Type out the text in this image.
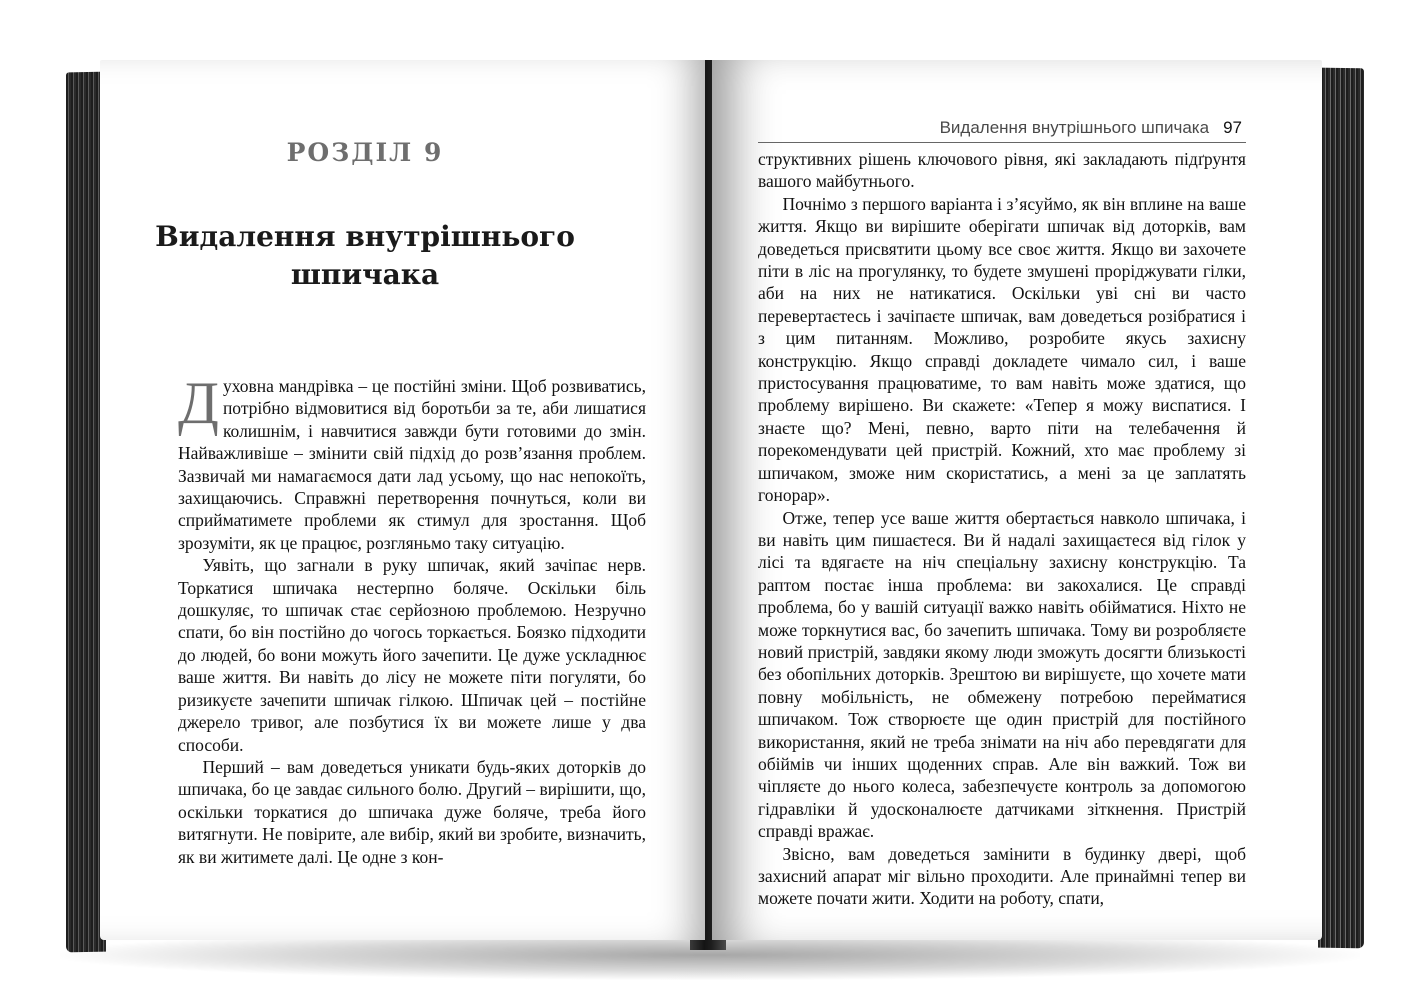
РОЗДІЛ 9
Видалення внутрішнього шпичака

Духовна мандрівка – це постійні зміни. Щоб розвиватись, потрібно відмовитися від боротьби за те, аби лишатися колишнім, і навчитися завжди бути готовими до змін. Найважливіше – змінити свій підхід до розв’язання проблем. Зазвичай ми намагаємося дати лад усьому, що нас непокоїть, захищаючись. Справжні перетворення почнуться, коли ви сприйматимете проблеми як стимул для зростання. Щоб зрозуміти, як це працює, розгляньмо таку ситуацію.

Уявіть, що загнали в руку шпичак, який зачіпає нерв. Торкатися шпичака нестерпно боляче. Оскільки біль дошкуляє, то шпичак стає серйозною проблемою. Незручно спати, бо він постійно до чогось торкається. Боязко підходити до людей, бо вони можуть його зачепити. Це дуже ускладнює ваше життя. Ви навіть до лісу не можете піти погуляти, бо ризикуєте зачепити шпичак гілкою. Шпичак цей – постійне джерело тривог, але позбутися їх ви можете лише у два способи.

Перший – вам доведеться уникати будь-яких доторків до шпичака, бо це завдає сильного болю. Другий – вирішити, що, оскільки торкатися до шпичака дуже боляче, треба його витягнути. Не повірите, але вибір, який ви зробите, визначить, як ви житимете далі. Це одне з кон-

Видалення внутрішнього шпичака 97

структивних рішень ключового рівня, які закладають підґрунтя вашого майбутнього.

Почнімо з першого варіанта і з’ясуймо, як він вплине на ваше життя. Якщо ви вирішите оберігати шпичак від доторків, вам доведеться присвятити цьому все своє життя. Якщо ви захочете піти в ліс на прогулянку, то будете змушені проріджувати гілки, аби на них не натикатися. Оскільки уві сні ви часто перевертаєтесь і зачіпаєте шпичак, вам доведеться розібратися і з цим питанням. Можливо, розробите якусь захисну конструкцію. Якщо справді докладете чимало сил, і ваше пристосування працюватиме, то вам навіть може здатися, що проблему вирішено. Ви скажете: «Тепер я можу виспатися. І знаєте що? Мені, певно, варто піти на телебачення й порекомендувати цей пристрій. Кожний, хто має проблему зі шпичаком, зможе ним скористатись, а мені за це заплатять гонорар».

Отже, тепер усе ваше життя обертається навколо шпичака, і ви навіть цим пишаєтеся. Ви й надалі захищаєтеся від гілок у лісі та вдягаєте на ніч спеціальну захисну конструкцію. Та раптом постає інша проблема: ви закохалися. Це справді проблема, бо у вашій ситуації важко навіть обійматися. Ніхто не може торкнутися вас, бо зачепить шпичака. Тому ви розробляєте новий пристрій, завдяки якому люди зможуть досягти близькості без обопільних доторків. Зрештою ви вирішуєте, що хочете мати повну мобільність, не обмежену потребою перейматися шпичаком. Тож створюєте ще один пристрій для постійного використання, який не треба знімати на ніч або перевдягати для обіймів чи інших щоденних справ. Але він важкий. Тож ви чіпляєте до нього колеса, забезпечуєте контроль за допомогою гідравліки й удосконалюєте датчиками зіткнення. Пристрій справді вражає.

Звісно, вам доведеться замінити в будинку двері, щоб захисний апарат міг вільно проходити. Але принаймні тепер ви можете почати жити. Ходити на роботу, спати,
